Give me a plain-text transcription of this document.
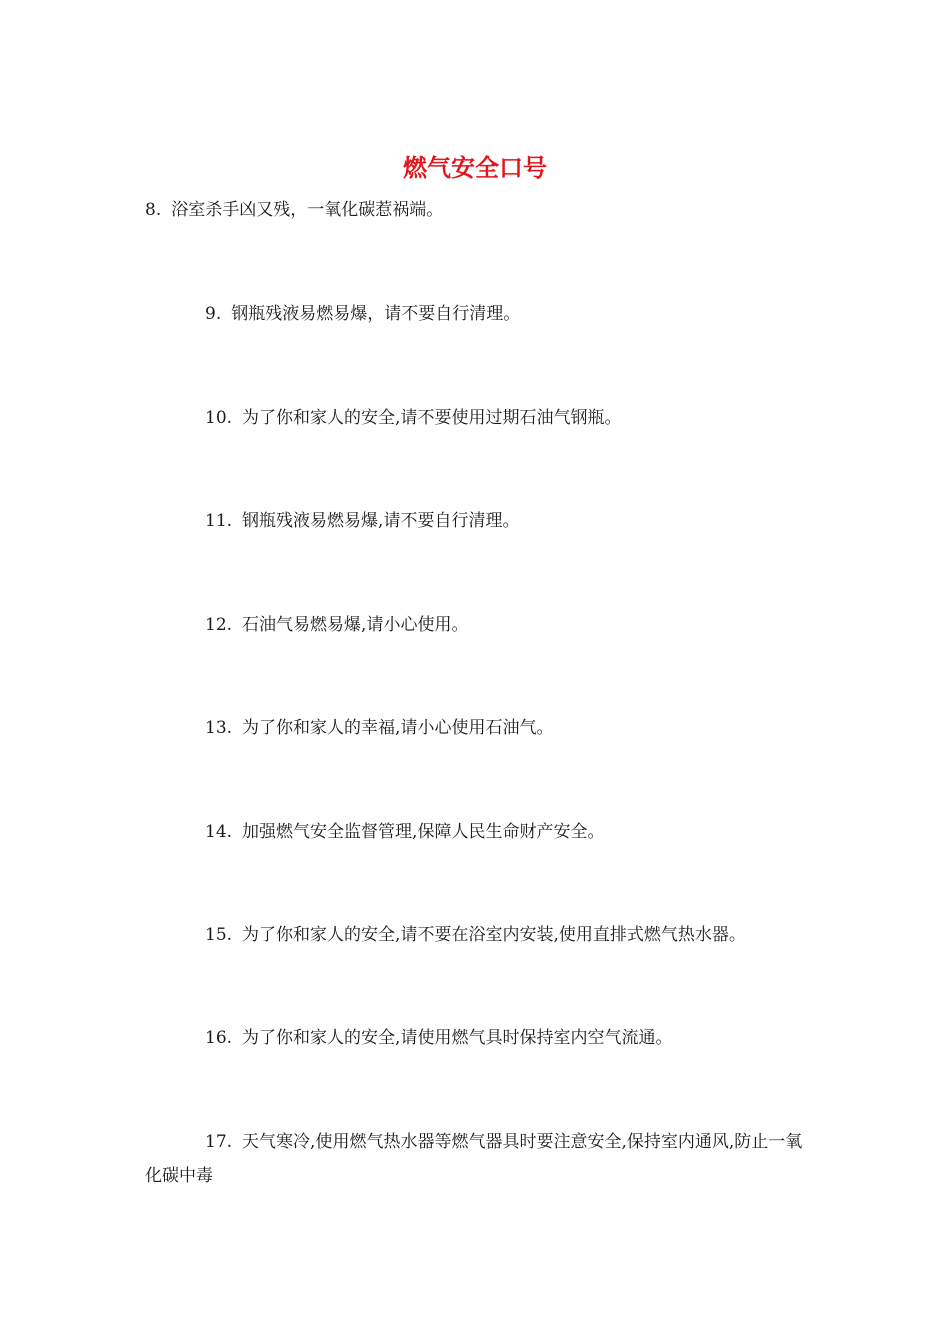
燃气安全口号
8. 浴室杀手凶又残，一氧化碳惹祸端。
9. 钢瓶残液易燃易爆，请不要自行清理。
10. 为了你和家人的安全,请不要使用过期石油气钢瓶。
11. 钢瓶残液易燃易爆,请不要自行清理。
12. 石油气易燃易爆,请小心使用。
13. 为了你和家人的幸福,请小心使用石油气。
14. 加强燃气安全监督管理,保障人民生命财产安全。
15. 为了你和家人的安全,请不要在浴室内安装,使用直排式燃气热水器。
16. 为了你和家人的安全,请使用燃气具时保持室内空气流通。
17. 天气寒冷,使用燃气热水器等燃气器具时要注意安全,保持室内通风,防止一氧化碳中毒
